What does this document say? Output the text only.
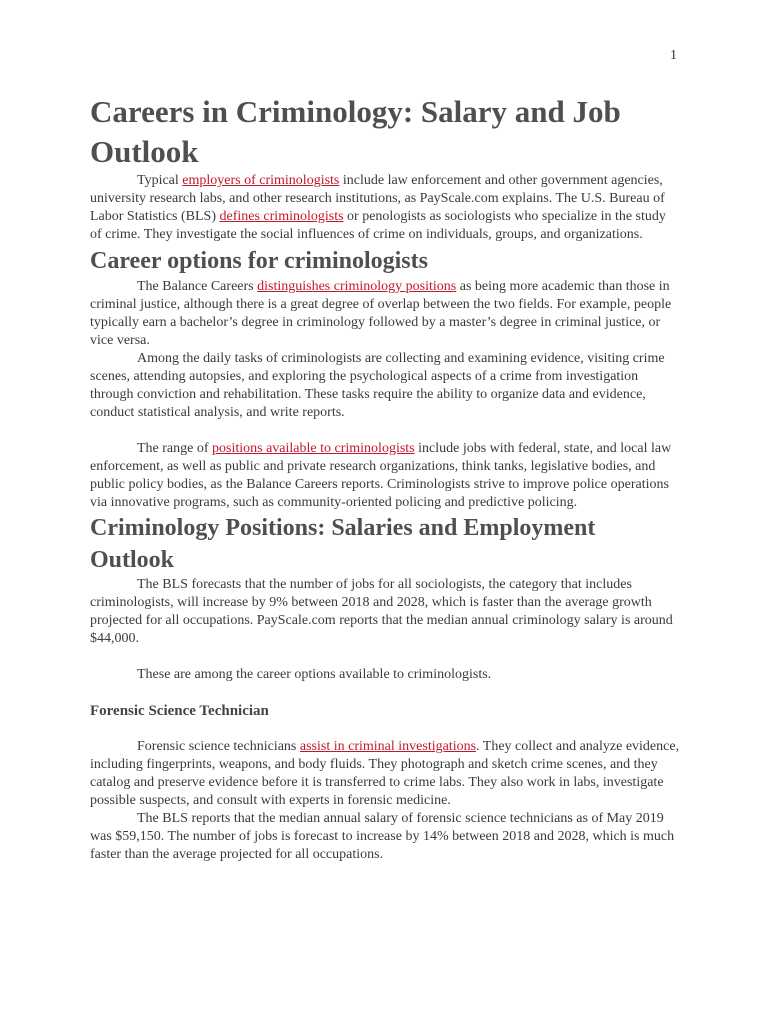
1
Careers in Criminology: Salary and Job Outlook

Typical employers of criminologists include law enforcement and other government agencies, university research labs, and other research institutions, as PayScale.com explains. The U.S. Bureau of Labor Statistics (BLS) defines criminologists or penologists as sociologists who specialize in the study of crime. They investigate the social influences of crime on individuals, groups, and organizations.

Career options for criminologists

The Balance Careers distinguishes criminology positions as being more academic than those in criminal justice, although there is a great degree of overlap between the two fields. For example, people typically earn a bachelor’s degree in criminology followed by a master’s degree in criminal justice, or vice versa.

Among the daily tasks of criminologists are collecting and examining evidence, visiting crime scenes, attending autopsies, and exploring the psychological aspects of a crime from investigation through conviction and rehabilitation. These tasks require the ability to organize data and evidence, conduct statistical analysis, and write reports.

The range of positions available to criminologists include jobs with federal, state, and local law enforcement, as well as public and private research organizations, think tanks, legislative bodies, and public policy bodies, as the Balance Careers reports. Criminologists strive to improve police operations via innovative programs, such as community-oriented policing and predictive policing.

Criminology Positions: Salaries and Employment Outlook

The BLS forecasts that the number of jobs for all sociologists, the category that includes criminologists, will increase by 9% between 2018 and 2028, which is faster than the average growth projected for all occupations. PayScale.com reports that the median annual criminology salary is around $44,000.

These are among the career options available to criminologists.

Forensic Science Technician

Forensic science technicians assist in criminal investigations. They collect and analyze evidence, including fingerprints, weapons, and body fluids. They photograph and sketch crime scenes, and they catalog and preserve evidence before it is transferred to crime labs. They also work in labs, investigate possible suspects, and consult with experts in forensic medicine.

The BLS reports that the median annual salary of forensic science technicians as of May 2019 was $59,150. The number of jobs is forecast to increase by 14% between 2018 and 2028, which is much faster than the average projected for all occupations.
